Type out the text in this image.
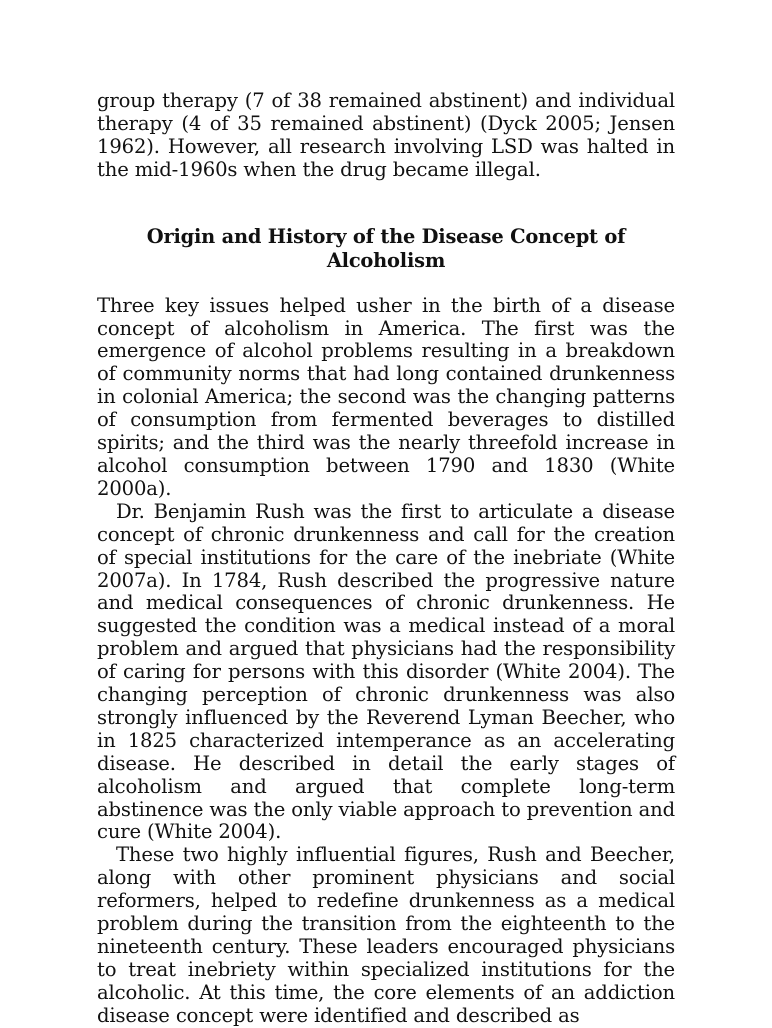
group therapy (7 of 38 remained abstinent) and individual therapy (4 of 35 remained abstinent) (Dyck 2005; Jensen 1962). However, all research involving LSD was halted in the mid-1960s when the drug became illegal.

Origin and History of the Disease Concept of Alcoholism

Three key issues helped usher in the birth of a disease concept of alcoholism in America. The first was the emergence of alcohol problems resulting in a breakdown of community norms that had long contained drunkenness in colonial America; the second was the changing patterns of consumption from fermented beverages to distilled spirits; and the third was the nearly threefold increase in alcohol consumption between 1790 and 1830 (White 2000a).

Dr. Benjamin Rush was the first to articulate a disease concept of chronic drunkenness and call for the creation of special institutions for the care of the inebriate (White 2007a). In 1784, Rush described the progressive nature and medical consequences of chronic drunkenness. He suggested the condition was a medical instead of a moral problem and argued that physicians had the responsibility of caring for persons with this disorder (White 2004). The changing perception of chronic drunkenness was also strongly influenced by the Reverend Lyman Beecher, who in 1825 characterized intemperance as an accelerating disease. He described in detail the early stages of alcoholism and argued that complete long-term abstinence was the only viable approach to prevention and cure (White 2004).

These two highly influential figures, Rush and Beecher, along with other prominent physicians and social reformers, helped to redefine drunkenness as a medical problem during the transition from the eighteenth to the nineteenth century. These leaders encouraged physicians to treat inebriety within specialized institutions for the alcoholic. At this time, the core elements of an addiction disease concept were identified and described as
